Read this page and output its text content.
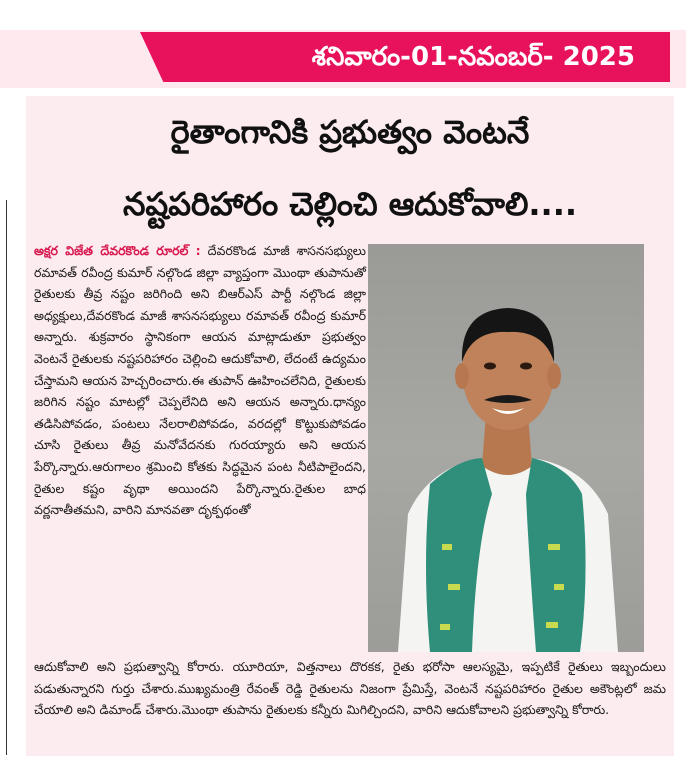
శనివారం-01-నవంబర్- 2025
రైతాంగానికి ప్రభుత్వం వెంటనే
నష్టపరిహారం చెల్లించి ఆదుకోవాలి....
అక్షర విజేత దేవరకొండ రూరల్ : దేవరకొండ మాజీ శాసనసభ్యులు రమావత్ రవీంద్ర కుమార్ నల్గొండ జిల్లా వ్యాప్తంగా మొంథా తుపానుతో రైతులకు తీవ్ర నష్టం జరిగింది అని బిఆర్ఎస్ పార్టీ నల్గొండ జిల్లా అధ్యక్షులు,దేవరకొండ మాజీ శాసనసభ్యులు రమావత్ రవీంద్ర కుమార్ అన్నారు. శుక్రవారం స్థానికంగా ఆయన మాట్లాడుతూ ప్రభుత్వం వెంటనే రైతులకు నష్టపరిహారం చెల్లించి ఆదుకోవాలి, లేదంటే ఉద్యమం చేస్తామని ఆయన హెచ్చరించారు.ఈ తుపాన్ ఊహించలేనిది, రైతులకు జరిగిన నష్టం మాటల్లో చెప్పలేనిది అని ఆయన అన్నారు.ధాన్యం తడిసిపోవడం, పంటలు నేలరాలిపోవడం, వరదల్లో కొట్టుకుపోవడం చూసి రైతులు తీవ్ర మనోవేదనకు గురయ్యారు అని ఆయన పేర్కొన్నారు.ఆరుగాలం శ్రమించి కోతకు సిద్ధమైన పంట నీటిపాలైందని, రైతుల కష్టం వృథా అయిందని పేర్కొన్నారు.రైతుల బాధ వర్ణనాతీతమని, వారిని మానవతా దృక్పథంతో
ఆదుకోవాలి అని ప్రభుత్వాన్ని కోరారు. యూరియా, విత్తనాలు దొరకక, రైతు భరోసా ఆలస్యమై, ఇప్పటికే రైతులు ఇబ్బందులు పడుతున్నారని గుర్తు చేశారు.ముఖ్యమంత్రి రేవంత్ రెడ్డి రైతులను నిజంగా ప్రేమిస్తే, వెంటనే నష్టపరిహారం రైతుల అకౌంట్లలో జమ చేయాలి అని డిమాండ్ చేశారు.మొంథా తుపాను రైతులకు కన్నీరు మిగిల్చిందని, వారిని ఆదుకోవాలని ప్రభుత్వాన్ని కోరారు.
